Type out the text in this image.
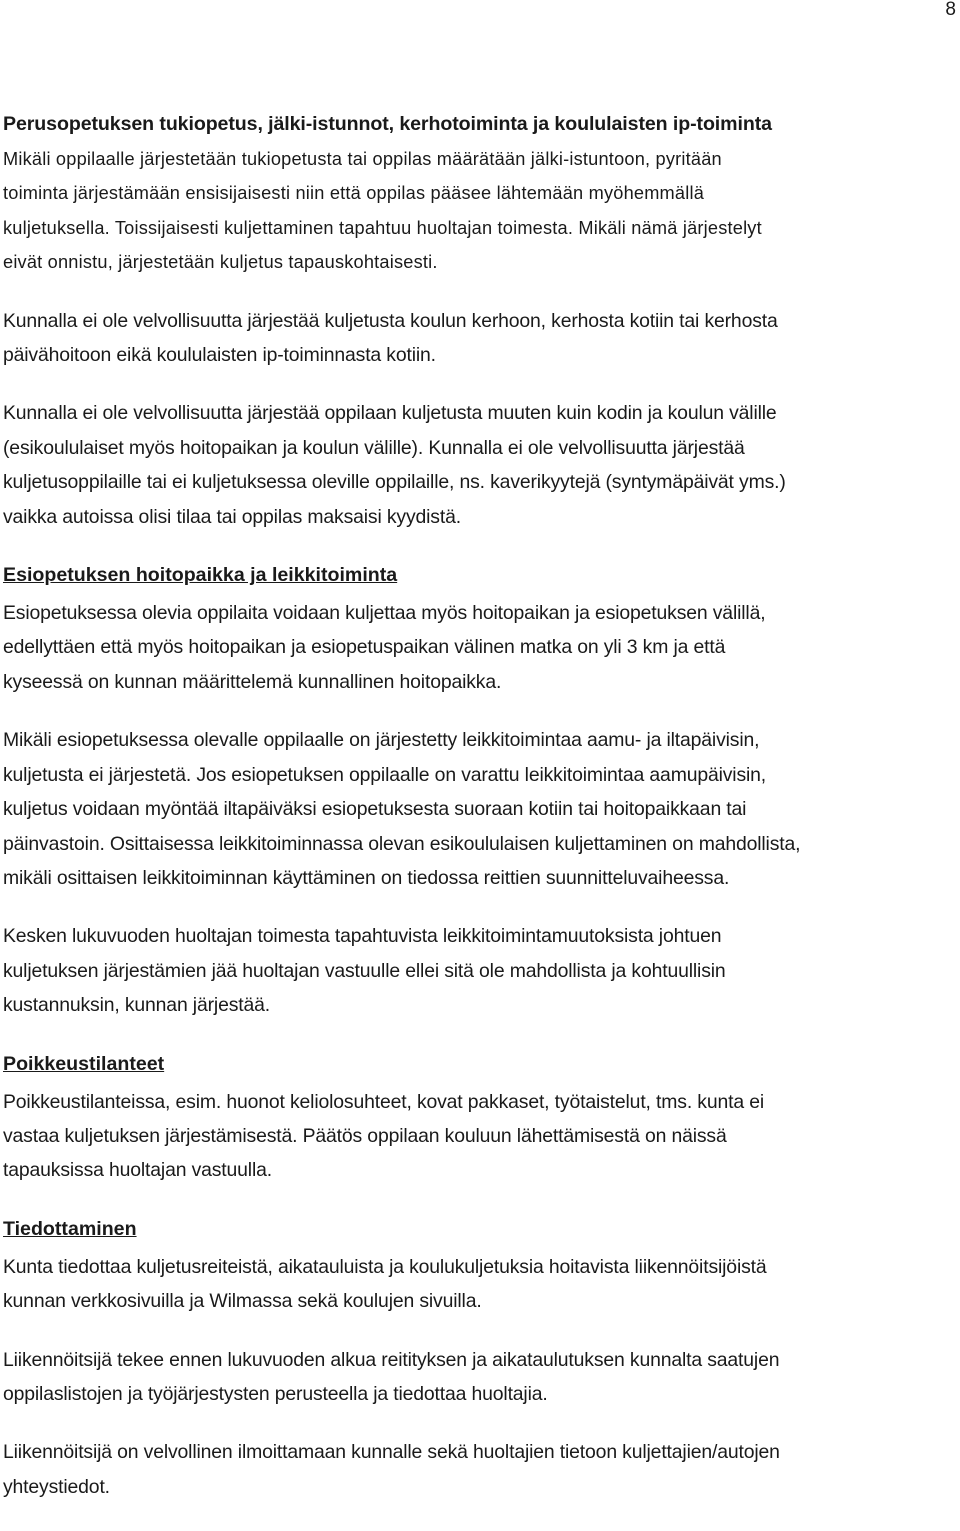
8
Perusopetuksen tukiopetus, jälki-istunnot, kerhotoiminta ja koululaisten ip-toiminta
Mikäli oppilaalle järjestetään tukiopetusta tai oppilas määrätään jälki-istuntoon, pyritään
toiminta järjestämään ensisijaisesti niin että oppilas pääsee lähtemään myöhemmällä
kuljetuksella. Toissijaisesti kuljettaminen tapahtuu huoltajan toimesta. Mikäli nämä järjestelyt
eivät onnistu, järjestetään kuljetus tapauskohtaisesti.
Kunnalla ei ole velvollisuutta järjestää kuljetusta koulun kerhoon, kerhosta kotiin tai kerhosta
päivähoitoon eikä koululaisten ip-toiminnasta kotiin.
Kunnalla ei ole velvollisuutta järjestää oppilaan kuljetusta muuten kuin kodin ja koulun välille
(esikoululaiset myös hoitopaikan ja koulun välille). Kunnalla ei ole velvollisuutta järjestää
kuljetusoppilaille tai ei kuljetuksessa oleville oppilaille, ns. kaverikyytejä (syntymäpäivät yms.)
vaikka autoissa olisi tilaa tai oppilas maksaisi kyydistä.
Esiopetuksen hoitopaikka ja leikkitoiminta
Esiopetuksessa olevia oppilaita voidaan kuljettaa myös hoitopaikan ja esiopetuksen välillä,
edellyttäen että myös hoitopaikan ja esiopetuspaikan välinen matka on yli 3 km ja että
kyseessä on kunnan määrittelemä kunnallinen hoitopaikka.
Mikäli esiopetuksessa olevalle oppilaalle on järjestetty leikkitoimintaa aamu- ja iltapäivisin,
kuljetusta ei järjestetä. Jos esiopetuksen oppilaalle on varattu leikkitoimintaa aamupäivisin,
kuljetus voidaan myöntää iltapäiväksi esiopetuksesta suoraan kotiin tai hoitopaikkaan tai
päinvastoin. Osittaisessa leikkitoiminnassa olevan esikoululaisen kuljettaminen on mahdollista,
mikäli osittaisen leikkitoiminnan käyttäminen on tiedossa reittien suunnitteluvaiheessa.
Kesken lukuvuoden huoltajan toimesta tapahtuvista leikkitoimintamuutoksista johtuen
kuljetuksen järjestämien jää huoltajan vastuulle ellei sitä ole mahdollista ja kohtuullisin
kustannuksin, kunnan järjestää.
Poikkeustilanteet
Poikkeustilanteissa, esim. huonot keliolosuhteet, kovat pakkaset, työtaistelut, tms. kunta ei
vastaa kuljetuksen järjestämisestä. Päätös oppilaan kouluun lähettämisestä on näissä
tapauksissa huoltajan vastuulla.
Tiedottaminen
Kunta tiedottaa kuljetusreiteistä, aikatauluista ja koulukuljetuksia hoitavista liikennöitsijöistä
kunnan verkkosivuilla ja Wilmassa sekä koulujen sivuilla.
Liikennöitsijä tekee ennen lukuvuoden alkua reitityksen ja aikataulutuksen kunnalta saatujen
oppilaslistojen ja työjärjestysten perusteella ja tiedottaa huoltajia.
Liikennöitsijä on velvollinen ilmoittamaan kunnalle sekä huoltajien tietoon kuljettajien/autojen
yhteystiedot.
